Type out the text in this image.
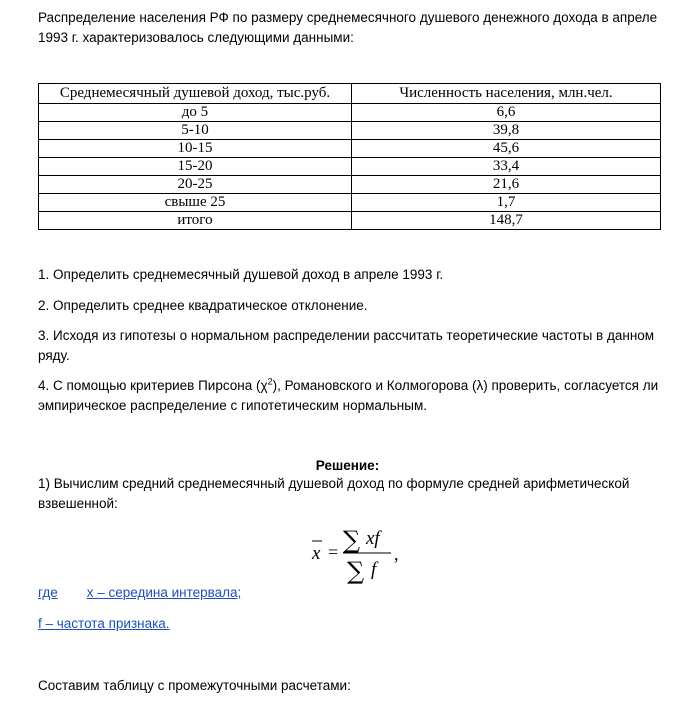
Распределение населения РФ по размеру среднемесячного душевого денежного дохода в апреле 1993 г. характеризовалось следующими данными:
Среднемесячный душевой доход, тыс.руб.	Численность населения, млн.чел.
до 5	6,6
5-10	39,8
10-15	45,6
15-20	33,4
20-25	21,6
свыше 25	1,7
итого	148,7
1. Определить среднемесячный душевой доход в апреле 1993 г.
2. Определить среднее квадратическое отклонение.
3. Исходя из гипотезы о нормальном распределении рассчитать теоретические частоты в данном ряду.
4. С помощью критериев Пирсона $(\chi^2)$, Романовского и Колмогорова (λ) проверить, согласуется ли эмпирическое распределение с гипотетическим нормальным.
Решение:
1) Вычислим средний среднемесячный душевой доход по формуле средней арифметической взвешенной:
x = ∑ xf
∑ f
,
где x – середина интервала;
f – частота признака.
Составим таблицу с промежуточными расчетами:
